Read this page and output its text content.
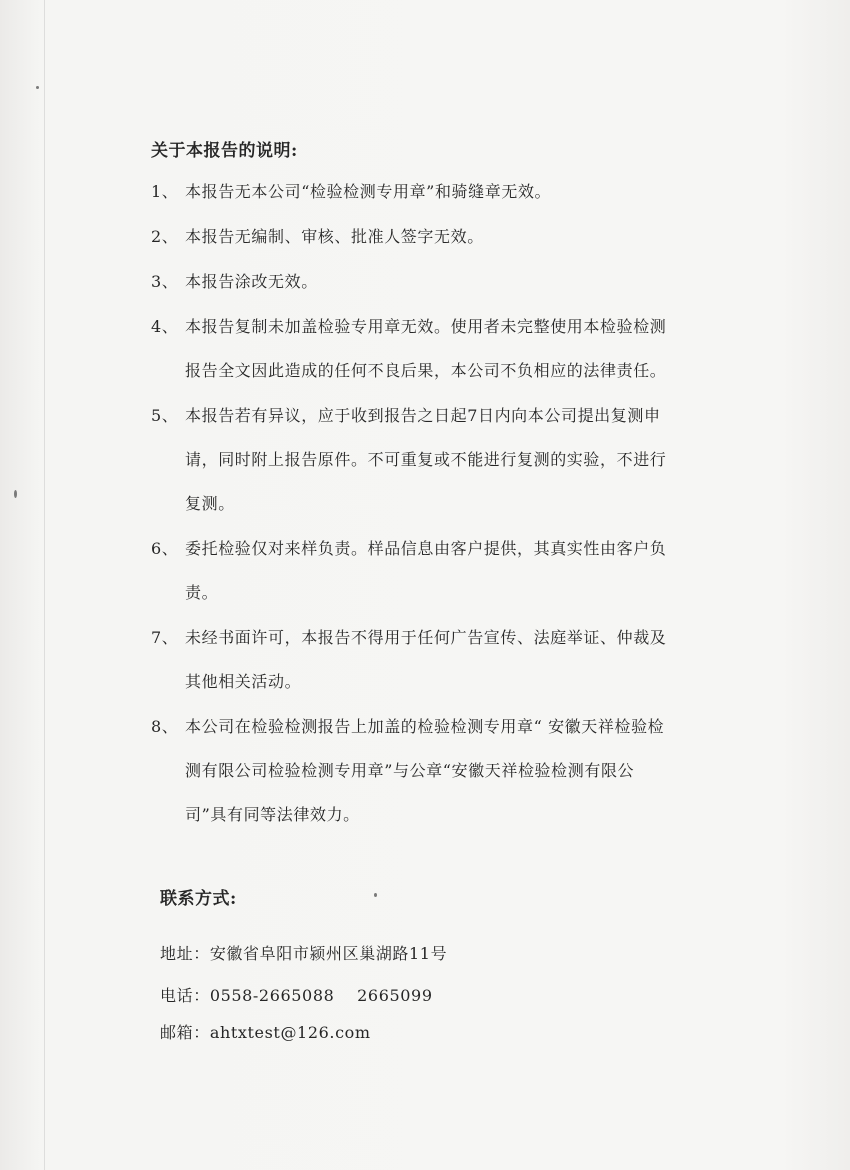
关于本报告的说明:
联系方式:
地址：安徽省阜阳市颍州区巢湖路11号
电话：0558-2665088    2665099
邮箱：ahtxtest@126.com
1、 本报告无本公司“检验检测专用章”和骑缝章无效。
2、 本报告无编制、审核、批准人签字无效。
3、 本报告涂改无效。
4、 本报告复制未加盖检验专用章无效。使用者未完整使用本检验检测
报告全文因此造成的任何不良后果，本公司不负相应的法律责任。
5、 本报告若有异议，应于收到报告之日起7日内向本公司提出复测申
请，同时附上报告原件。不可重复或不能进行复测的实验，不进行
复测。
6、 委托检验仅对来样负责。样品信息由客户提供，其真实性由客户负
责。
7、 未经书面许可，本报告不得用于任何广告宣传、法庭举证、仲裁及
其他相关活动。
8、 本公司在检验检测报告上加盖的检验检测专用章“ 安徽天祥检验检
测有限公司检验检测专用章”与公章“安徽天祥检验检测有限公
司”具有同等法律效力。
